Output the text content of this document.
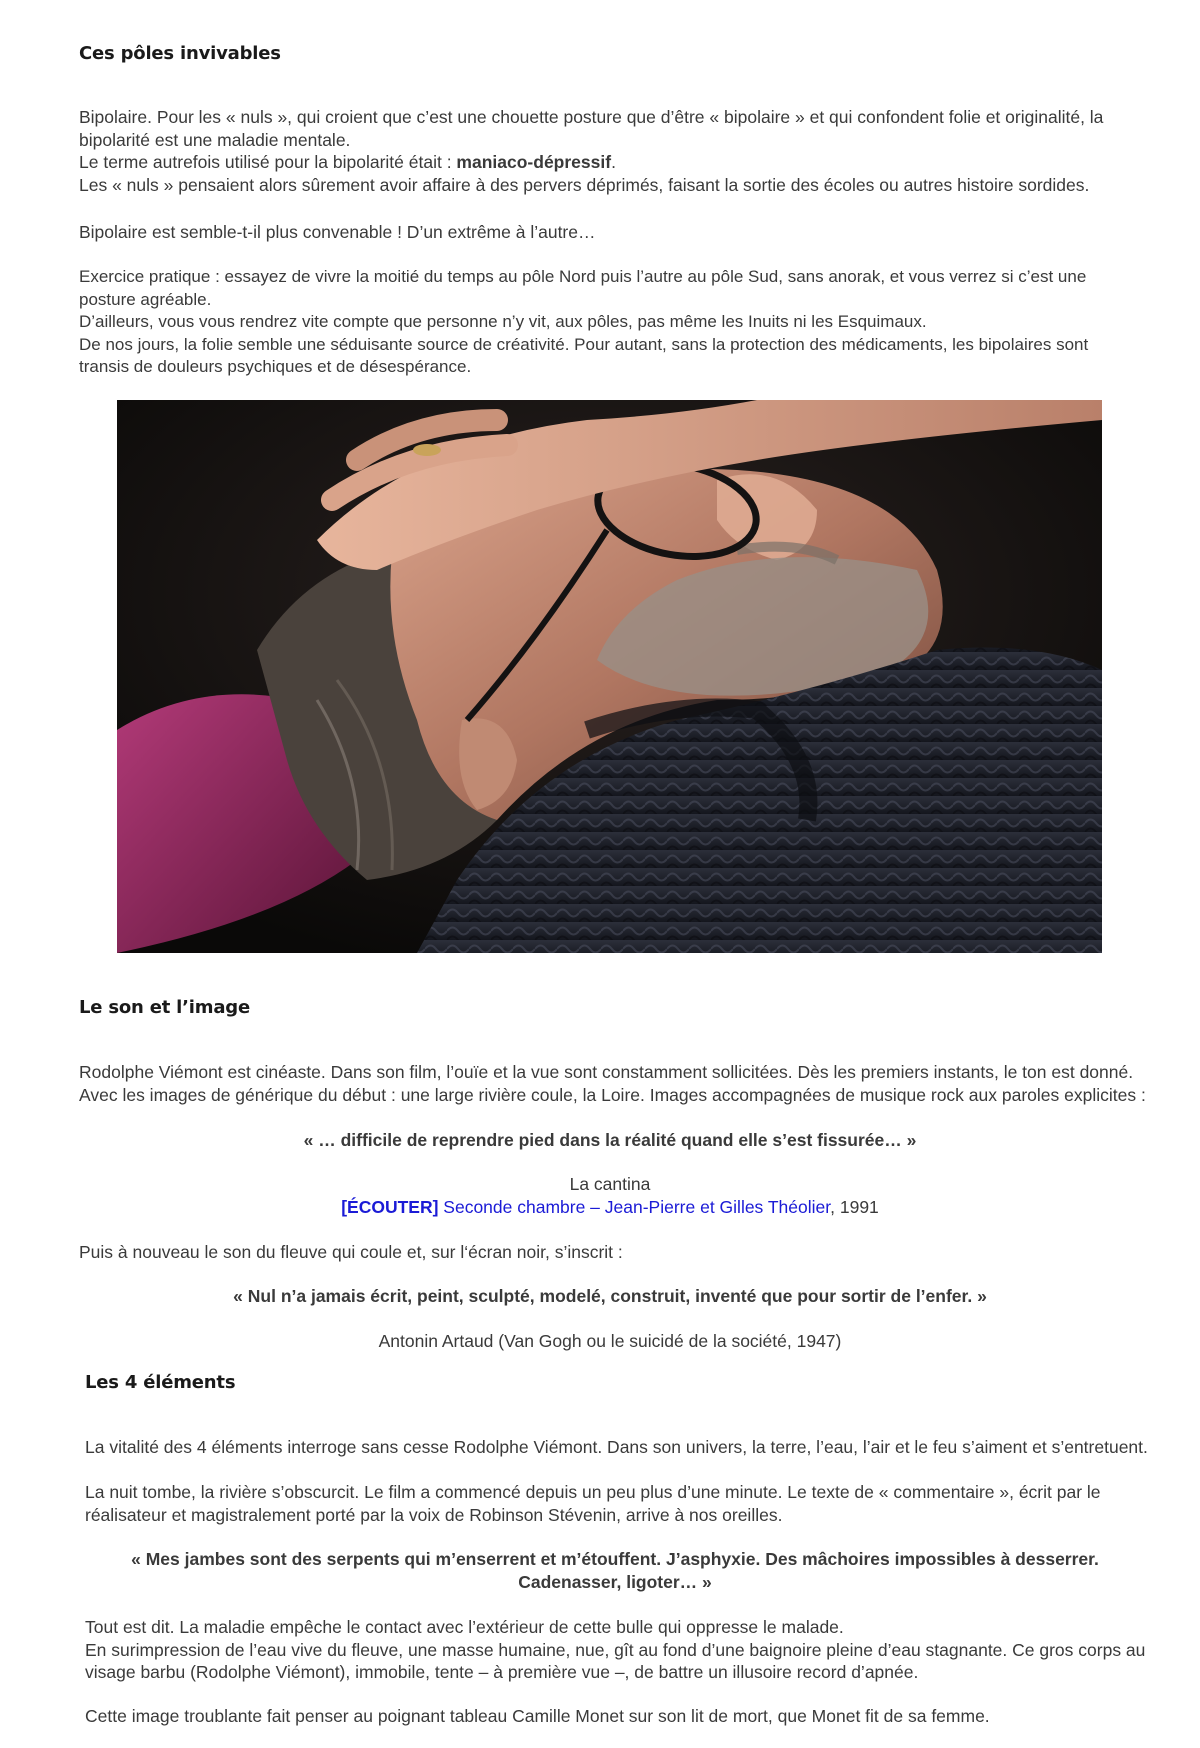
Ces pôles invivables

Bipolaire. Pour les « nuls », qui croient que c’est une chouette posture que d’être « bipolaire » et qui confondent folie et originalité, la
bipolarité est une maladie mentale.
Le terme autrefois utilisé pour la bipolarité était : maniaco-dépressif.
Les « nuls » pensaient alors sûrement avoir affaire à des pervers déprimés, faisant la sortie des écoles ou autres histoire sordides.

Bipolaire est semble-t-il plus convenable ! D’un extrême à l’autre…

Exercice pratique : essayez de vivre la moitié du temps au pôle Nord puis l’autre au pôle Sud, sans anorak, et vous verrez si c’est une
posture agréable.
D’ailleurs, vous vous rendrez vite compte que personne n’y vit, aux pôles, pas même les Inuits ni les Esquimaux.
De nos jours, la folie semble une séduisante source de créativité. Pour autant, sans la protection des médicaments, les bipolaires sont
transis de douleurs psychiques et de désespérance.

Le son et l’image

Rodolphe Viémont est cinéaste. Dans son film, l’ouïe et la vue sont constamment sollicitées. Dès les premiers instants, le ton est donné.
Avec les images de générique du début : une large rivière coule, la Loire. Images accompagnées de musique rock aux paroles explicites :

« … difficile de reprendre pied dans la réalité quand elle s’est fissurée… »

La cantina
[ÉCOUTER] Seconde chambre – Jean-Pierre et Gilles Théolier, 1991

Puis à nouveau le son du fleuve qui coule et, sur l‘écran noir, s’inscrit :

« Nul n’a jamais écrit, peint, sculpté, modelé, construit, inventé que pour sortir de l’enfer. »

Antonin Artaud (Van Gogh ou le suicidé de la société, 1947)

Les 4 éléments

La vitalité des 4 éléments interroge sans cesse Rodolphe Viémont. Dans son univers, la terre, l’eau, l’air et le feu s’aiment et s’entretuent.

La nuit tombe, la rivière s’obscurcit. Le film a commencé depuis un peu plus d’une minute. Le texte de « commentaire », écrit par le
réalisateur et magistralement porté par la voix de Robinson Stévenin, arrive à nos oreilles.

« Mes jambes sont des serpents qui m’enserrent et m’étouffent. J’asphyxie. Des mâchoires impossibles à desserrer.
Cadenasser, ligoter… »

Tout est dit. La maladie empêche le contact avec l’extérieur de cette bulle qui oppresse le malade.
En surimpression de l’eau vive du fleuve, une masse humaine, nue, gît au fond d’une baignoire pleine d’eau stagnante. Ce gros corps au
visage barbu (Rodolphe Viémont), immobile, tente – à première vue –, de battre un illusoire record d’apnée.

Cette image troublante fait penser au poignant tableau Camille Monet sur son lit de mort, que Monet fit de sa femme.
